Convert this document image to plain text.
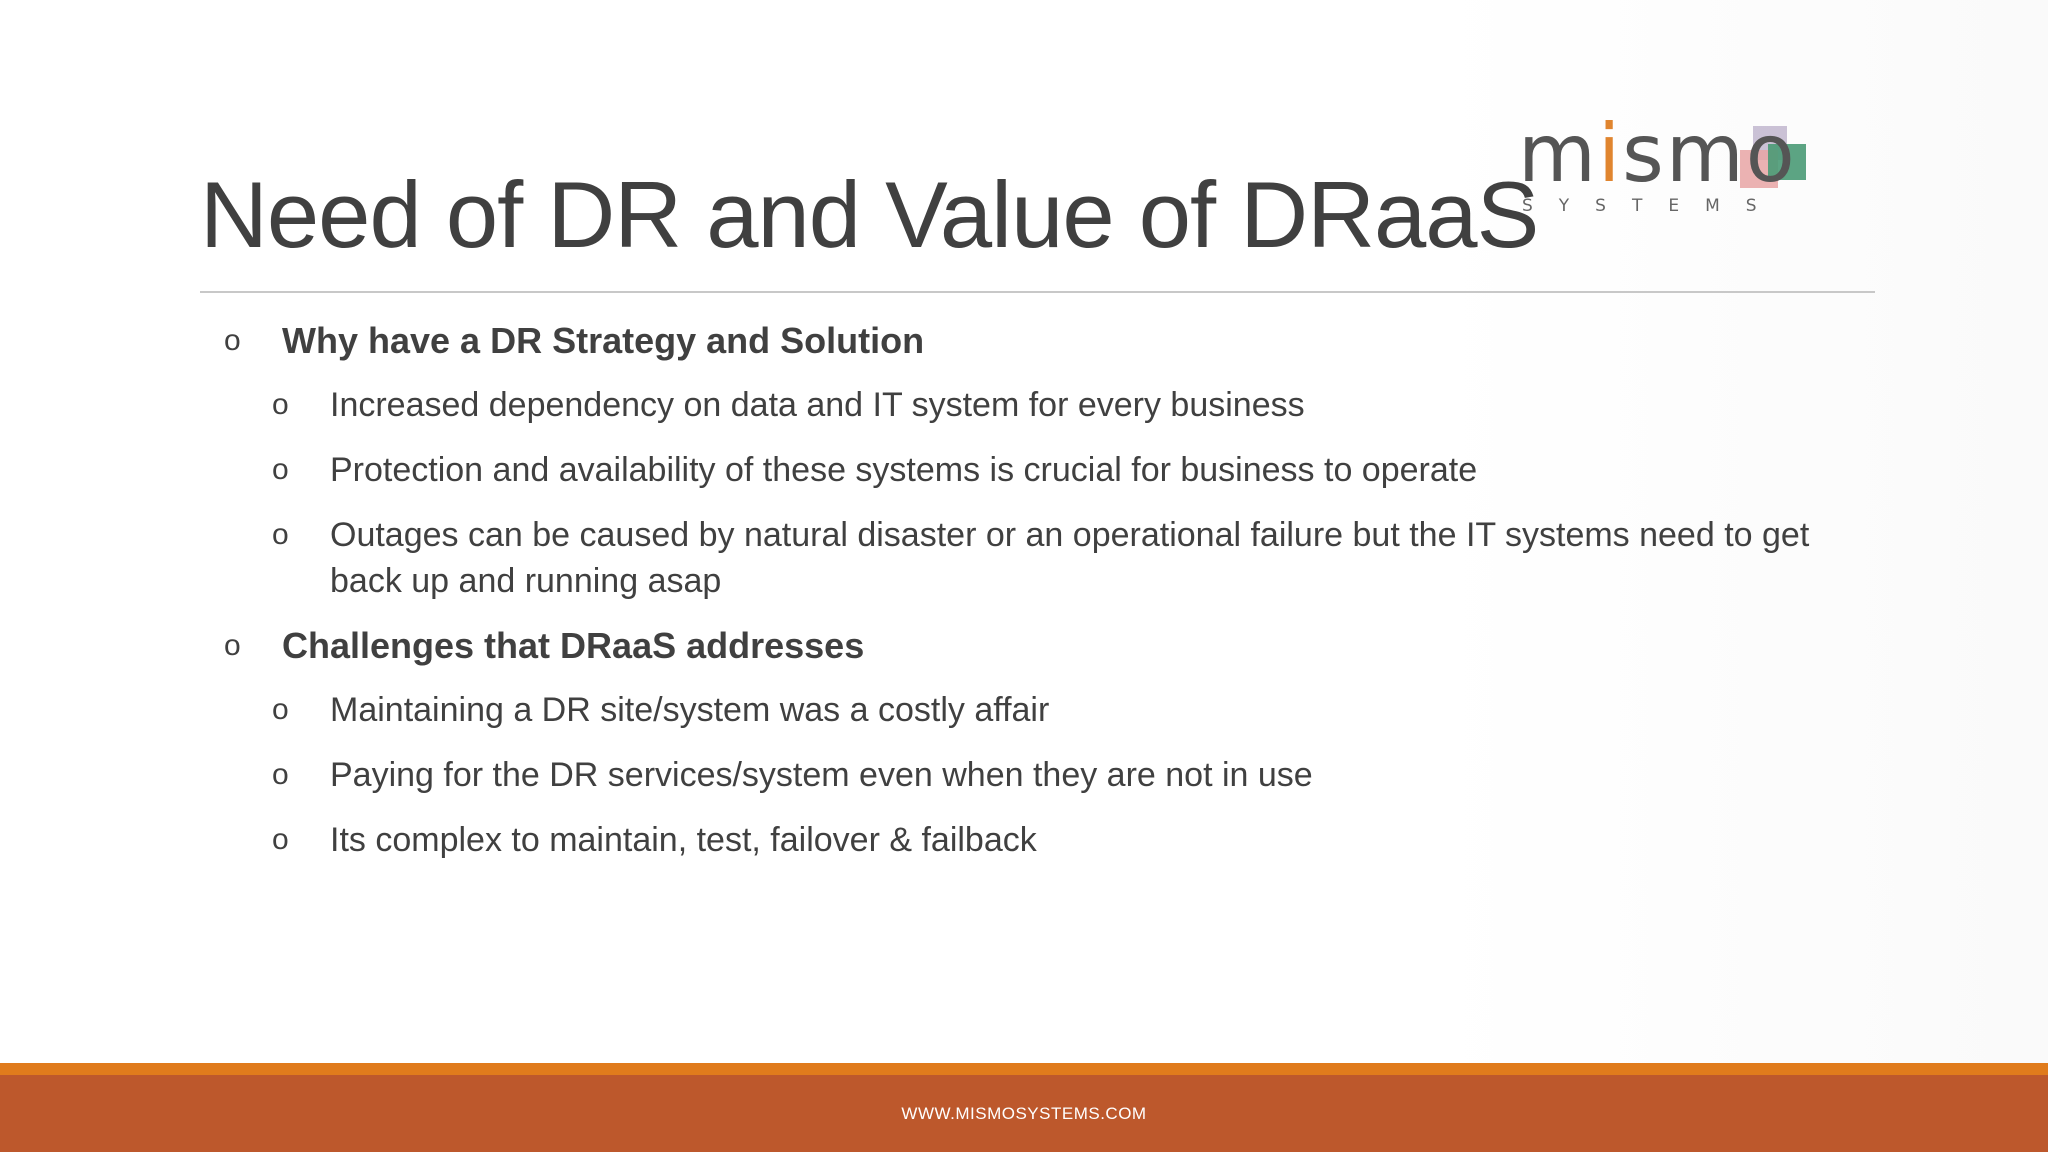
Need of DR and Value of DRaaS
mismo
SYSTEMS
o Why have a DR Strategy and Solution
o Increased dependency on data and IT system for every business
o Protection and availability of these systems is crucial for business to operate
o Outages can be caused by natural disaster or an operational failure but the IT systems need to get back up and running asap
o Challenges that DRaaS addresses
o Maintaining a DR site/system was a costly affair
o Paying for the DR services/system even when they are not in use
o Its complex to maintain, test, failover & failback
WWW.MISMOSYSTEMS.COM
